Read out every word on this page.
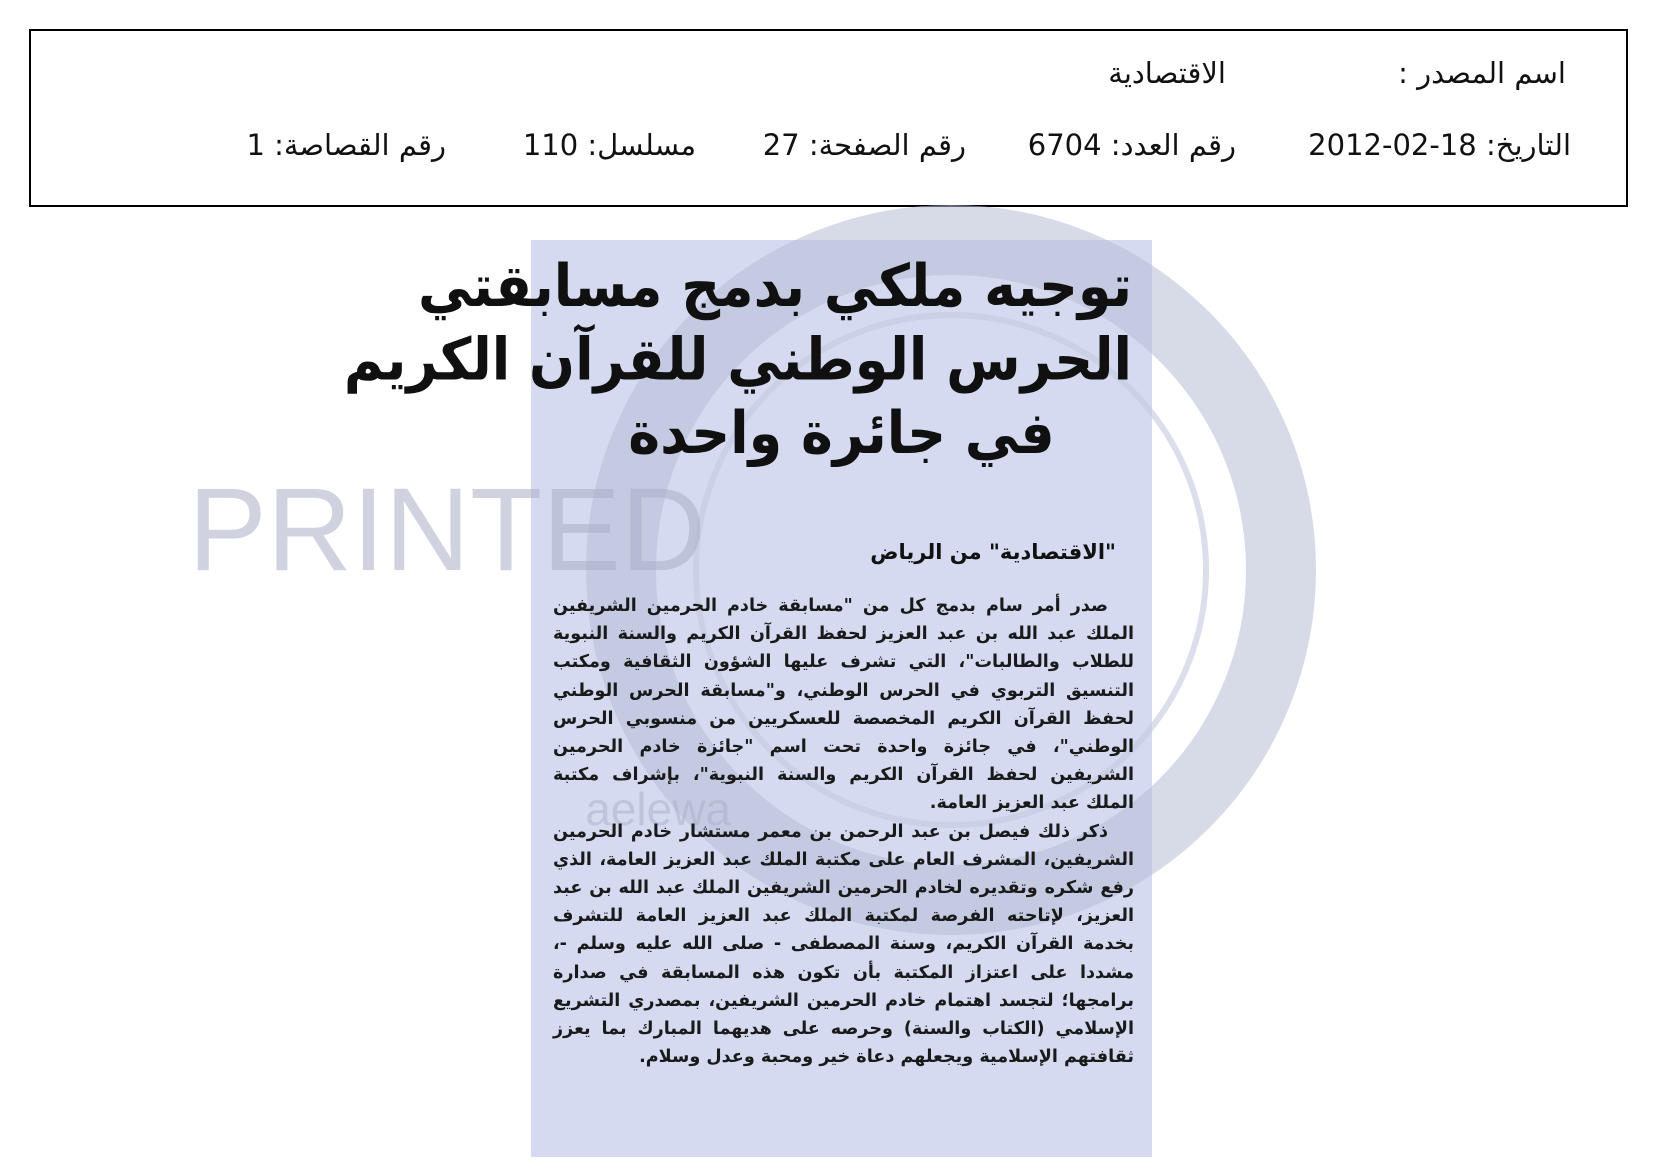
اسم المصدر :
الاقتصادية
التاريخ: 18-02-2012
رقم العدد: 6704
رقم الصفحة: 27
مسلسل: 110
رقم القصاصة: 1
PRINTED
aelewa
توجيه ملكي بدمج مسابقتي
الحرس الوطني للقرآن الكريم
في جائرة واحدة
"الاقتصادية" من الرياض

صدر أمر سام بدمج كل من "مسابقة خادم الحرمين الشريفين الملك عبد الله بن عبد العزيز لحفظ القرآن الكريم والسنة النبوية للطلاب والطالبات"، التي تشرف عليها الشؤون الثقافية ومكتب التنسيق التربوي في الحرس الوطني، و"مسابقة الحرس الوطني لحفظ القرآن الكريم المخصصة للعسكريين من منسوبي الحرس الوطني"، في جائزة واحدة تحت اسم "جائزة خادم الحرمين الشريفين لحفظ القرآن الكريم والسنة النبوية"، بإشراف مكتبة الملك عبد العزيز العامة.

ذكر ذلك فيصل بن عبد الرحمن بن معمر مستشار خادم الحرمين الشريفين، المشرف العام على مكتبة الملك عبد العزيز العامة، الذي رفع شكره وتقديره لخادم الحرمين الشريفين الملك عبد الله بن عبد العزيز، لإتاحته الفرصة لمكتبة الملك عبد العزيز العامة للتشرف بخدمة القرآن الكريم، وسنة المصطفى - صلى الله عليه وسلم -، مشددا على اعتزاز المكتبة بأن تكون هذه المسابقة في صدارة برامجها؛ لتجسد اهتمام خادم الحرمين الشريفين، بمصدري التشريع الإسلامي (الكتاب والسنة) وحرصه على هديهما المبارك بما يعزز ثقافتهم الإسلامية ويجعلهم دعاة خير ومحبة وعدل وسلام.
